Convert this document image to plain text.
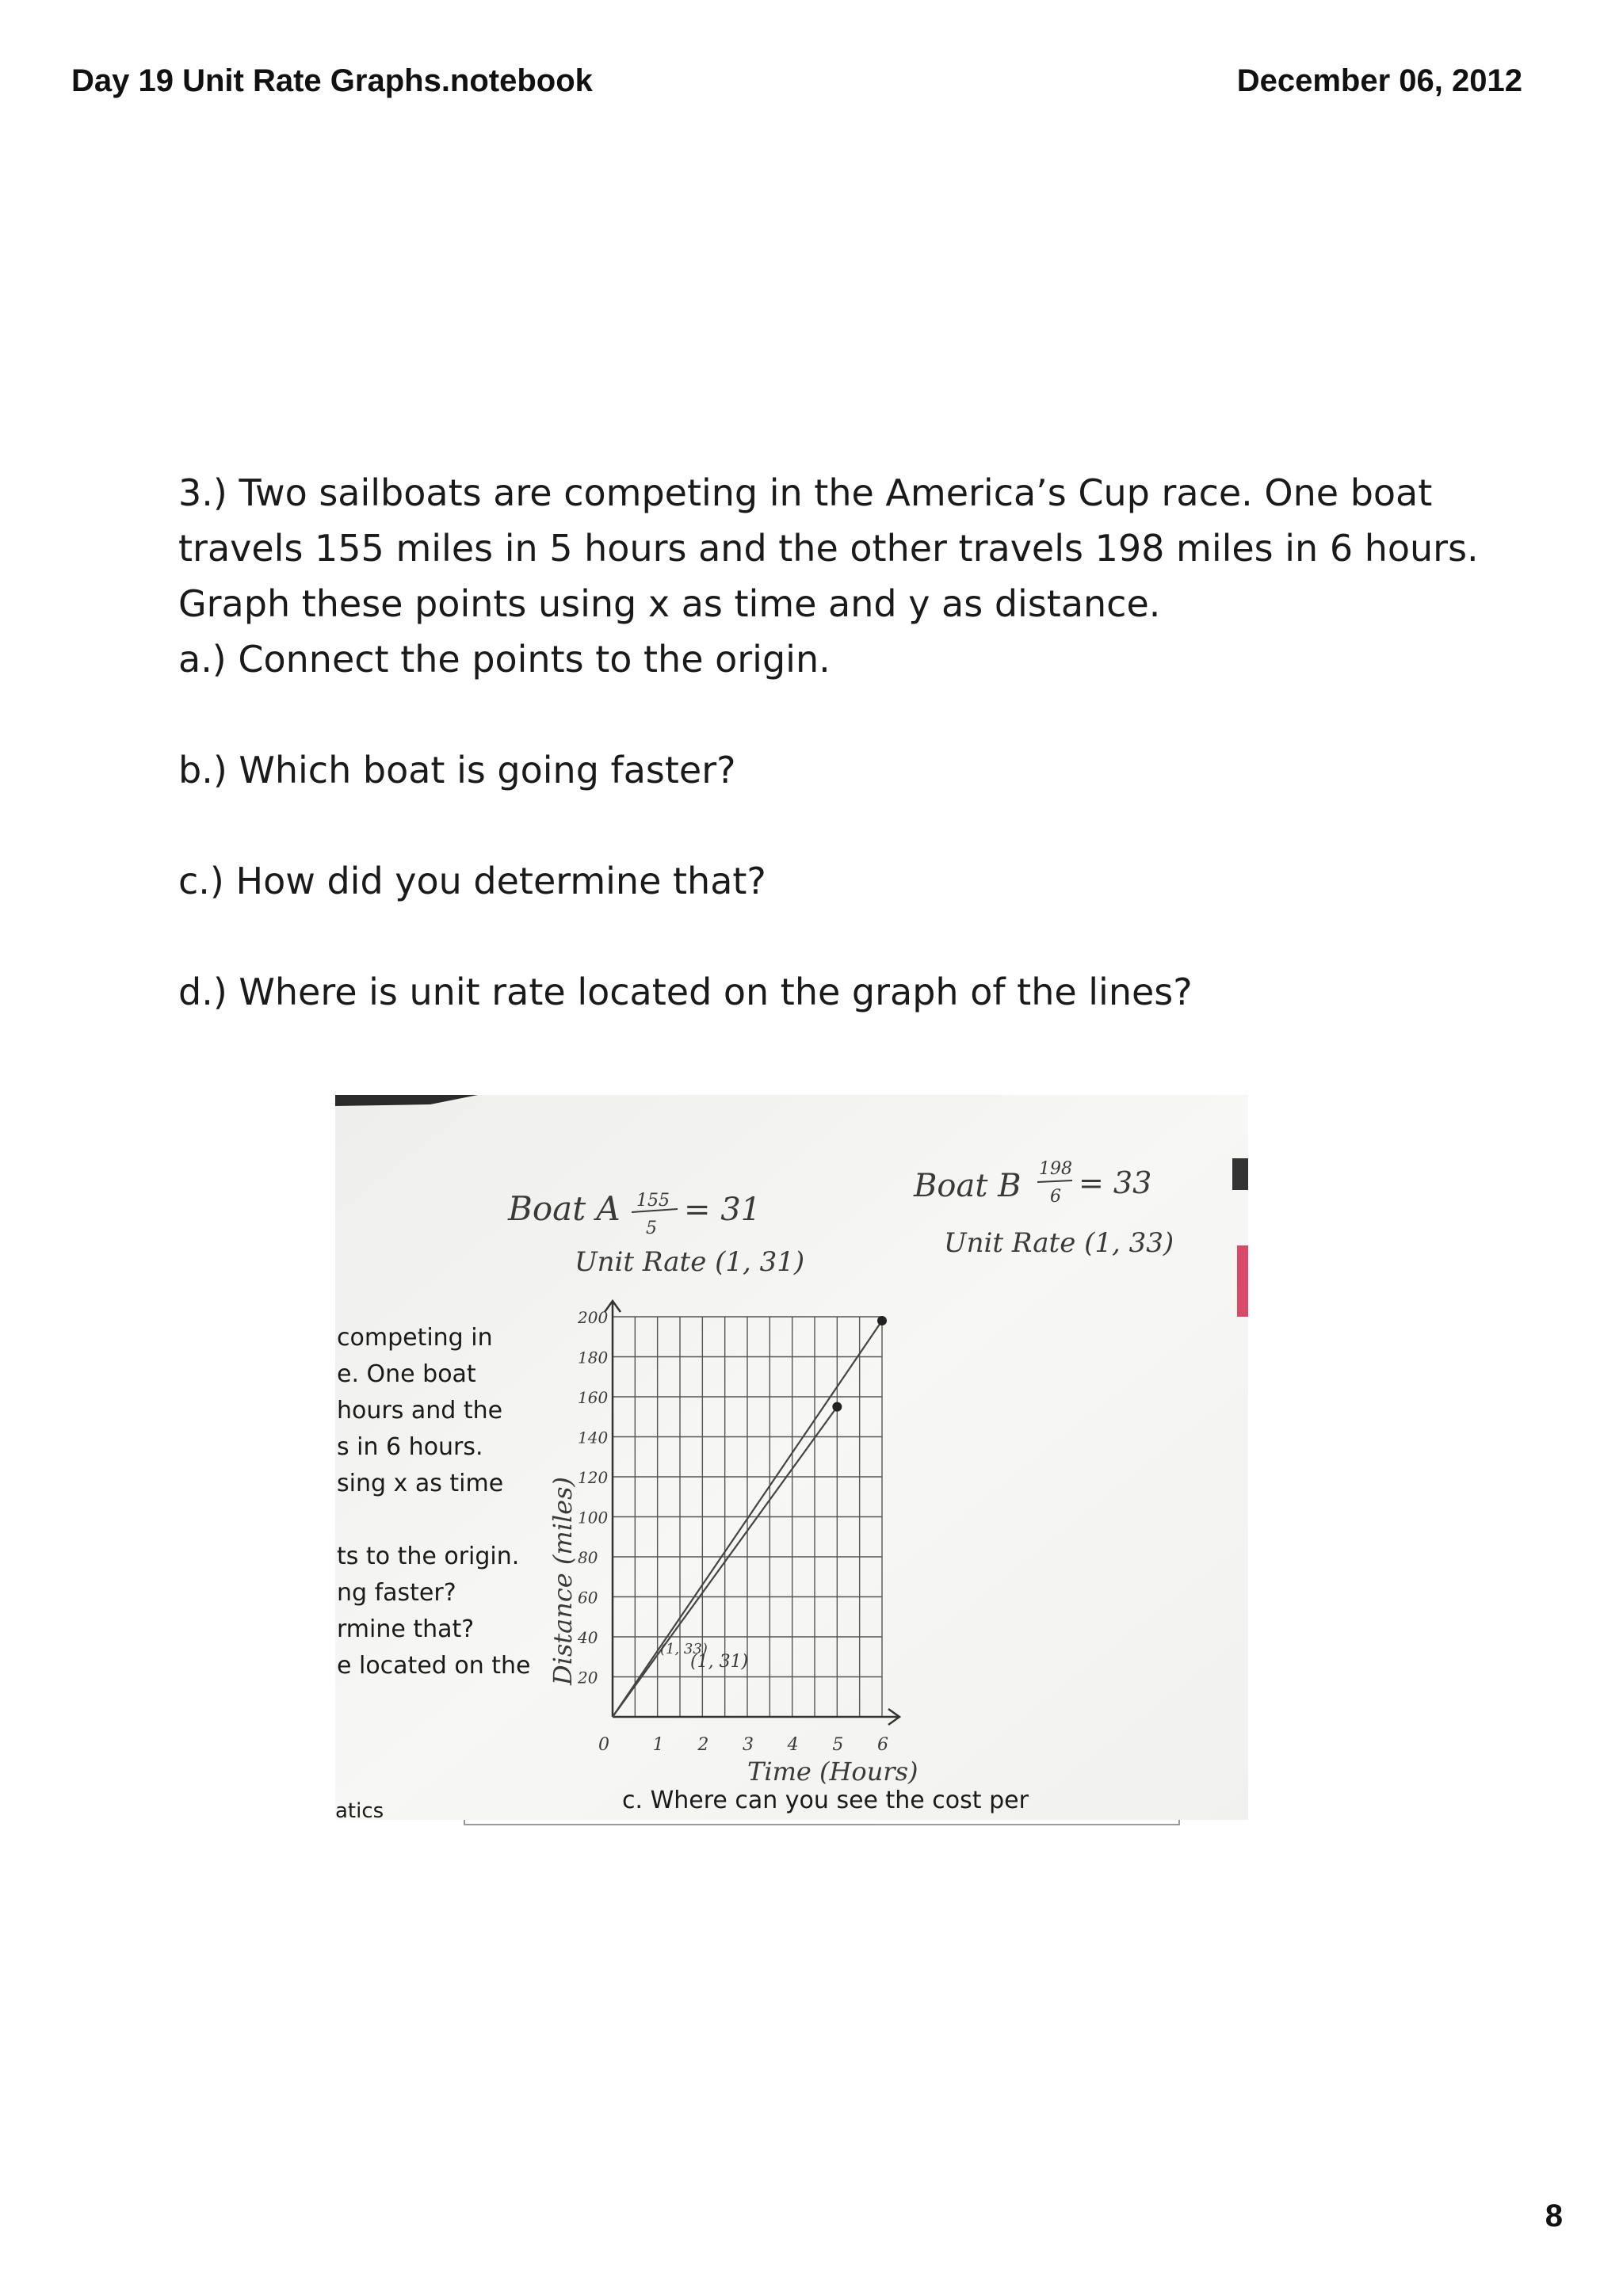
Day 19 Unit Rate Graphs.notebook	December 06, 2012

3.) Two sailboats are competing in the America’s Cup race. One boat

travels 155 miles in 5 hours and the other travels 198 miles in 6 hours.

Graph these points using x as time and y as distance.

a.) Connect the points to the origin.

b.) Which boat is going faster?
c.) How did you determine that?
d.) Where is unit rate located on the graph of the lines?
Boat A 155
5
= 31
Unit Rate (1, 31)
Boat B 198
6 = 33
Unit Rate (1, 33)
competing in
e. One boat
hours and the
s in 6 hours.
sing x as time
ts to the origin.
ng faster?
rmine that?
e located on the
atics	c. Where can you see the cost per
0 1 2 3 4 5 6
20
40
60
80
100
120
140
160
180
200
Distance (miles)
Time (Hours)
(1, 33)
(1, 31)
8
